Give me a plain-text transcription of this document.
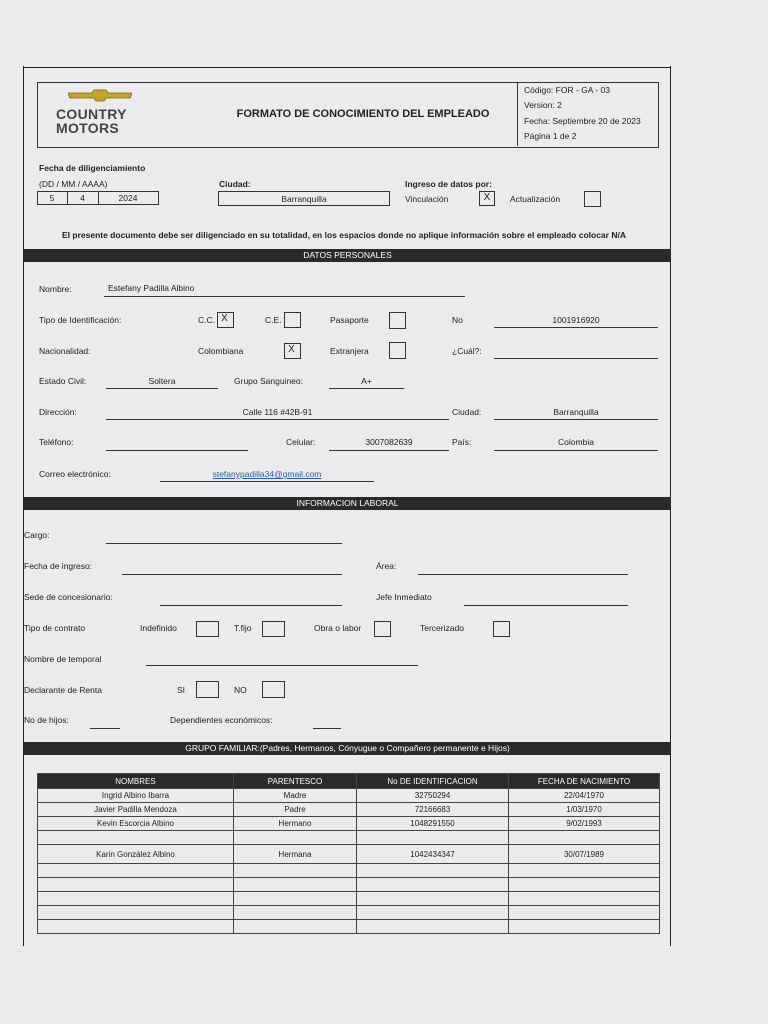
COUNTRY
MOTORS
FORMATO DE CONOCIMIENTO DEL EMPLEADO
Código: FOR - GA - 03
Version: 2
Fecha: Septiembre 20 de 2023
Página 1 de 2
Fecha de diligenciamiento
(DD / MM / AAAA)
5	4	2024
Ciudad:
Barranquilla
Ingreso de datos por:
Vinculación	X	Actualización
El presente documento debe ser diligenciado en su totalidad, en los espacios donde no aplique información sobre el empleado colocar N/A
DATOS PERSONALES
Nombre:	Estefany Padilla Albino
Tipo de Identificación:	C.C. X	C.E.	Pasaporte	No	1001916920
Nacionalidad:	Colombiana	X	Extranjera	¿Cuál?:
Estado Civil:	Soltera	Grupo Sanguineo:	A+
Dirección:	Calle 116 #42B-91	Ciudad:	Barranquilla
Teléfono:	Celular:	3007082639	País:	Colombia
Correo electrónico:	stefanypadilla34@gmail.com
INFORMACION LABORAL
Cargo:
Fecha de ingreso:	Área:
Sede de concesionario:	Jefe Inmediato
Tipo de contrato	Indefinido	T.fijo	Obra o labor	Tercerizado
Nombre de temporal
Declarante de Renta	SI	NO
No de hijos:	Dependientes económicos:
GRUPO FAMILIAR:(Padres, Hermanos, Cónyugue o Compañero permanente e Hijos)
NOMBRES	PARENTESCO	No DE IDENTIFICACION	FECHA DE NACIMIENTO
Ingrid Albino Ibarra	Madre	32750294	22/04/1970
Javier Padilla Mendoza	Padre	72166683	1/03/1970
Kevin Escorcia Albino	Hermano	1048291550	9/02/1993

Karin González Albino	Hermana	1042434347	30/07/1989
